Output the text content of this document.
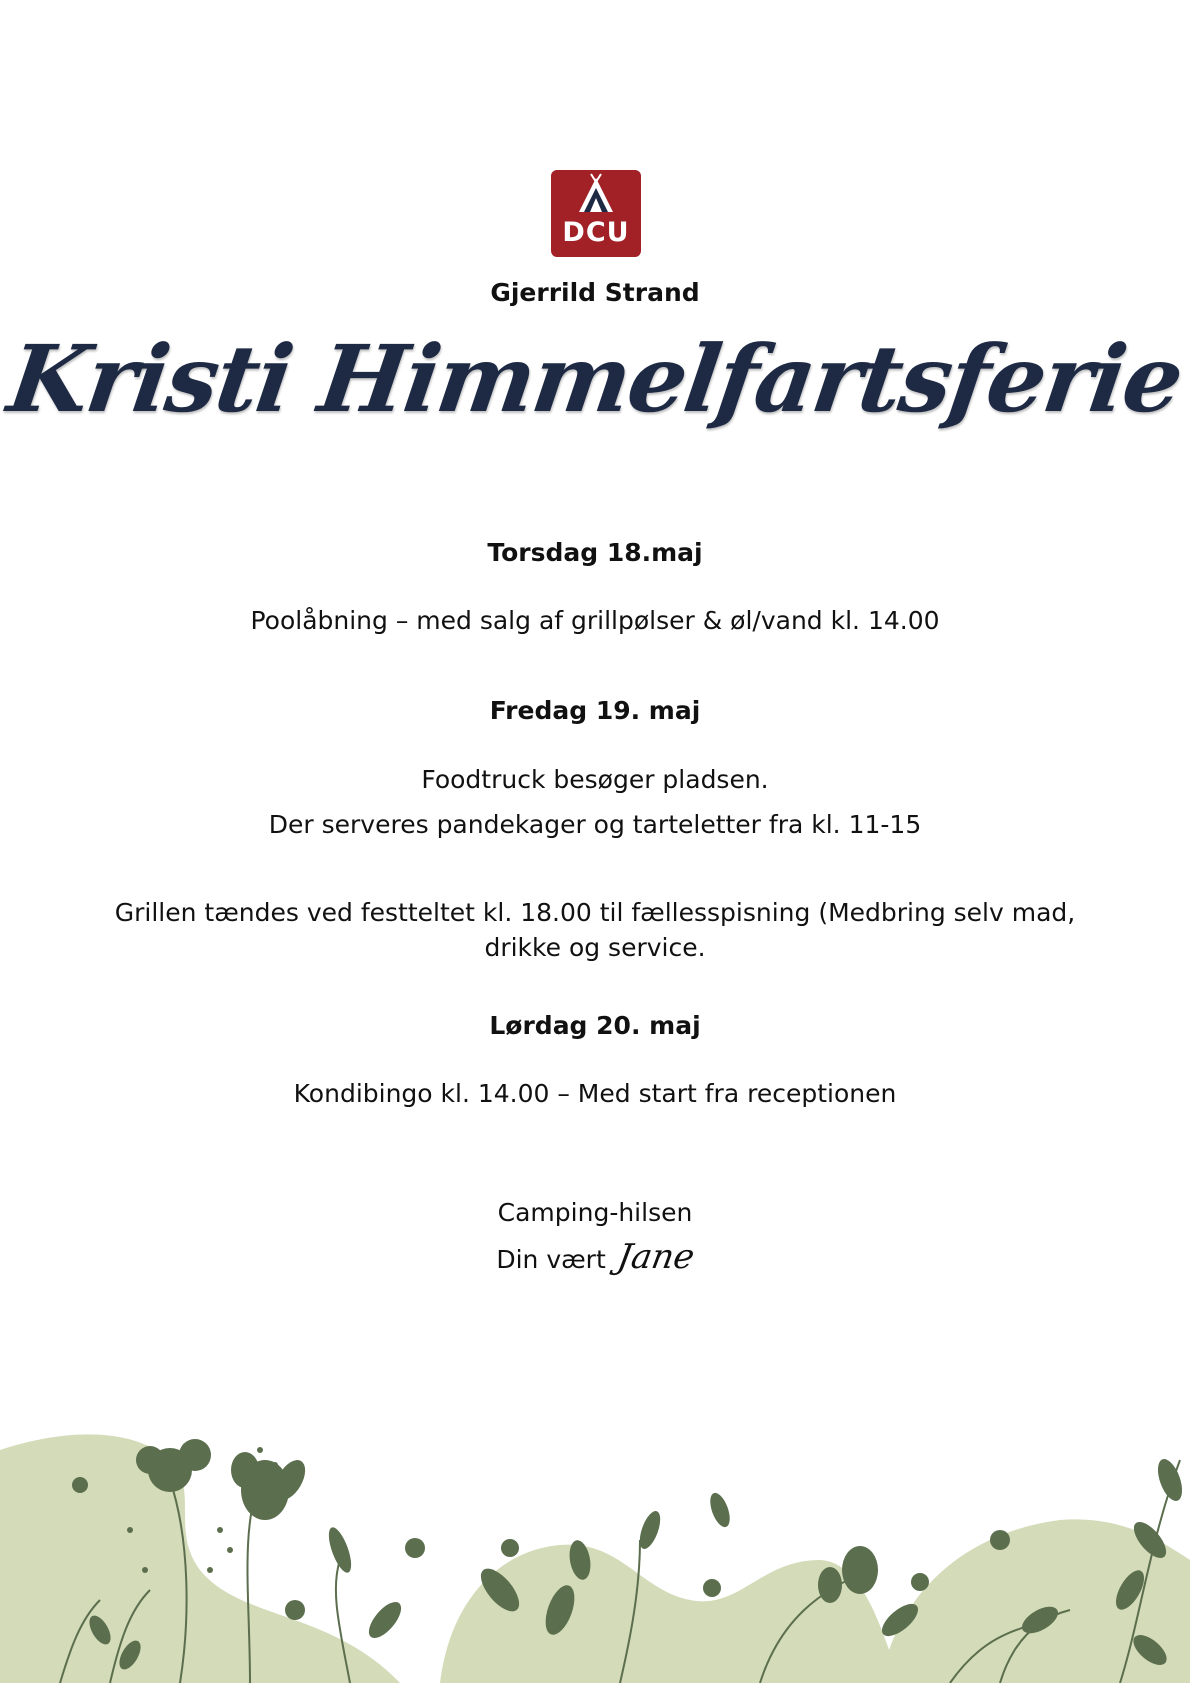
DCU
Gjerrild Strand
Kristi Himmelfartsferie
Torsdag 18.maj
Poolåbning – med salg af grillpølser & øl/vand kl. 14.00
Fredag 19. maj
Foodtruck besøger pladsen.
Der serveres pandekager og tarteletter fra kl. 11-15
Grillen tændes ved festteltet kl. 18.00 til fællesspisning (Medbring selv mad, drikke og service.
Lørdag 20. maj
Kondibingo kl. 14.00 – Med start fra receptionen
Camping-hilsen
Din vært Jane
